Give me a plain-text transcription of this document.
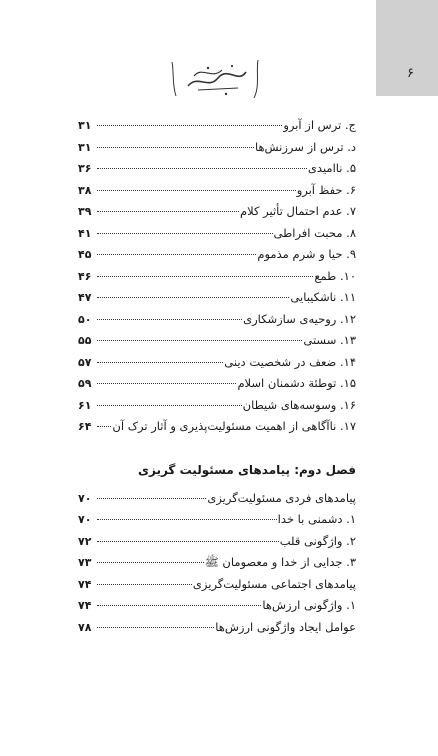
۶
ج. ترس از آبرو
۳۱
د. ترس از سرزنش‌ها
۳۱
۵. ناامیدی
۳۶
۶. حفظ آبرو
۳۸
۷. عدم احتمال تأثیر کلام
۳۹
۸. محبت افراطی
۴۱
۹. حیا و شرم مذموم
۴۵
۱۰. طمع
۴۶
۱۱. ناشکیبایی
۴۷
۱۲. روحیه‌ی سازشکاری
۵۰
۱۳. سستی
۵۵
۱۴. ضعف در شخصیت دینی
۵۷
۱۵. توطئة دشمنان اسلام
۵۹
۱۶. وسوسه‌های شیطان
۶۱
۱۷. ناآگاهی از اهمیت مسئولیت‌پذیری و آثار ترک آن
۶۴
فصل دوم: پیامدهای مسئولیت گریزی
پیامدهای فردی مسئولیت‌گریزی
۷۰
۱. دشمنی با خدا
۷۰
۲. واژگونی قلب
۷۲
۳. جدایی از خدا و معصومان ﷺ
۷۳
پیامدهای اجتماعی مسئولیت‌گریزی
۷۴
۱. واژگونی ارزش‌ها
۷۴
عوامل ایجاد واژگونی ارزش‌ها
۷۸
